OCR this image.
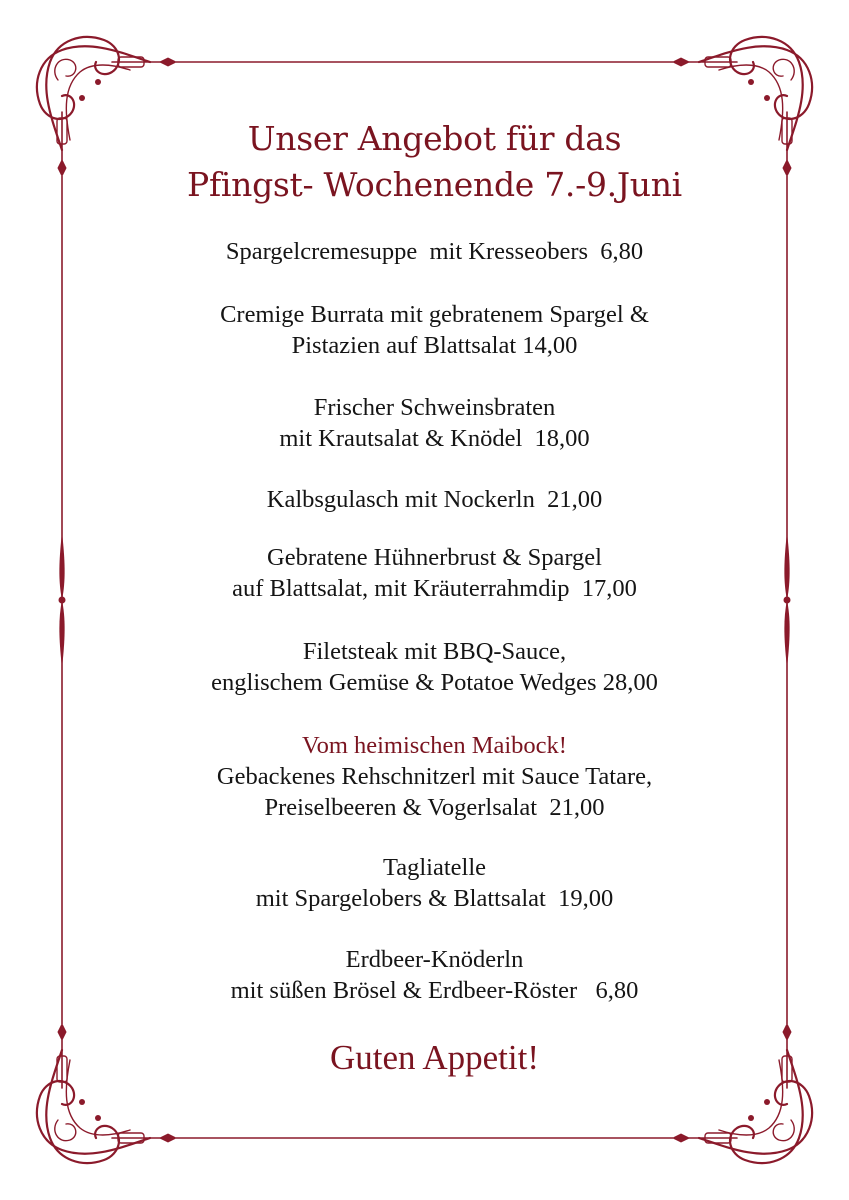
Unser Angebot für das
Pfingst- Wochenende 7.-9.Juni
Spargelcremesuppe  mit Kresseobers  6,80
Cremige Burrata mit gebratenem Spargel &
Pistazien auf Blattsalat 14,00
Frischer Schweinsbraten
mit Krautsalat & Knödel  18,00
Kalbsgulasch mit Nockerln  21,00
Gebratene Hühnerbrust & Spargel
auf Blattsalat, mit Kräuterrahmdip  17,00
Filetsteak mit BBQ-Sauce,
englischem Gemüse & Potatoe Wedges 28,00
Vom heimischen Maibock!
Gebackenes Rehschnitzerl mit Sauce Tatare,
Preiselbeeren & Vogerlsalat  21,00
Tagliatelle
mit Spargelobers & Blattsalat  19,00
Erdbeer-Knöderln
mit süßen Brösel & Erdbeer-Röster   6,80
Guten Appetit!
